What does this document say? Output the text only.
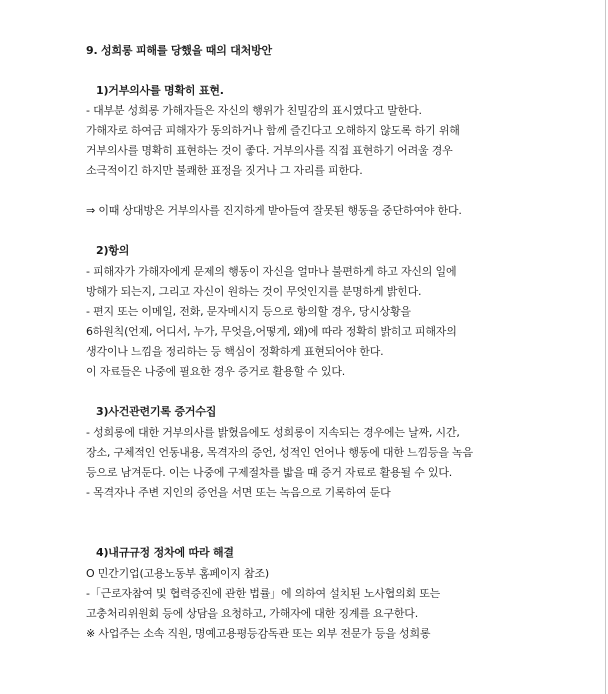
9. 성희롱 피해를 당했을 때의 대처방안
1)거부의사를 명확히 표현.
- 대부분 성희롱 가해자들은 자신의 행위가 친밀감의 표시였다고 말한다.
가해자로 하여금 피해자가 동의하거나 함께 즐긴다고 오해하지 않도록 하기 위해
거부의사를 명확히 표현하는 것이 좋다. 거부의사를 직접 표현하기 어려울 경우
소극적이긴 하지만 불쾌한 표정을 짓거나 그 자리를 피한다.
⇒ 이때 상대방은 거부의사를 진지하게 받아들여 잘못된 행동을 중단하여야 한다.
2)항의
- 피해자가 가해자에게 문제의 행동이 자신을 얼마나 불편하게 하고 자신의 일에
방해가 되는지, 그리고 자신이 원하는 것이 무엇인지를 분명하게 밝힌다.
- 편지 또는 이메일, 전화, 문자메시지 등으로 항의할 경우, 당시상황을
6하원칙(언제, 어디서, 누가, 무엇을,어떻게, 왜)에 따라 정확히 밝히고 피해자의
생각이나 느낌을 정리하는 등 핵심이 정확하게 표현되어야 한다.
이 자료들은 나중에 필요한 경우 증거로 활용할 수 있다.
3)사건관련기록 증거수집
- 성희롱에 대한 거부의사를 밝혔음에도 성희롱이 지속되는 경우에는 날짜, 시간,
장소, 구체적인 언동내용, 목격자의 증언, 성적인 언어나 행동에 대한 느낌등을 녹음
등으로 남겨둔다. 이는 나중에 구제절차를 밟을 때 증거 자료로 활용될 수 있다.
- 목격자나 주변 지인의 증언을 서면 또는 녹음으로 기록하여 둔다
4)내규규정 정차에 따라 해결
O 민간기업(고용노동부 홈페이지 참조)
-「근로자참여 및 협력증진에 관한 법률」에 의하여 설치된 노사협의회 또는
고충처리위원회 등에 상담을 요청하고, 가해자에 대한 징계를 요구한다.
※ 사업주는 소속 직원, 명예고용평등감독관 또는 외부 전문가 등을 성희롱
